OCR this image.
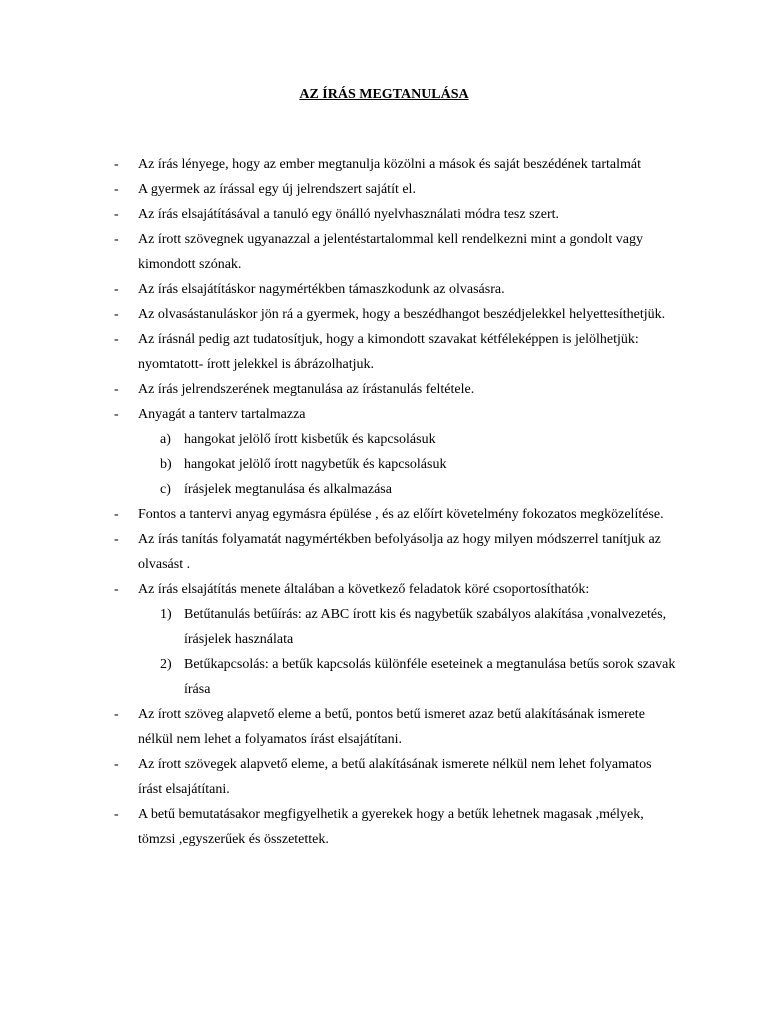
AZ ÍRÁS MEGTANULÁSA
- Az írás lényege, hogy az ember megtanulja közölni a mások és saját beszédének tartalmát
- A gyermek az írással egy új jelrendszert sajátít el.
- Az írás elsajátításával a tanuló egy önálló nyelvhasználati módra tesz szert.
- Az írott szövegnek ugyanazzal a jelentéstartalommal kell rendelkezni mint a gondolt vagy kimondott szónak.
- Az írás elsajátításkor nagymértékben támaszkodunk az olvasásra.
- Az olvasástanuláskor jön rá a gyermek, hogy a beszédhangot beszédjelekkel helyettesíthetjük.
- Az írásnál pedig azt tudatosítjuk, hogy a kimondott szavakat kétféleképpen is jelölhetjük: nyomtatott- írott jelekkel is ábrázolhatjuk.
- Az írás jelrendszerének megtanulása az írástanulás feltétele.
- Anyagát a tanterv tartalmazza
a) hangokat jelölő írott kisbetűk és kapcsolásuk
b) hangokat jelölő írott nagybetűk és kapcsolásuk
c) írásjelek megtanulása és alkalmazása
- Fontos a tantervi anyag egymásra épülése , és az előírt követelmény fokozatos megközelítése.
- Az írás tanítás folyamatát nagymértékben befolyásolja az hogy milyen módszerrel tanítjuk az olvasást .
- Az írás elsajátítás menete általában a következő feladatok köré csoportosíthatók:
1) Betűtanulás betűírás: az ABC írott kis és nagybetűk szabályos alakítása ,vonalvezetés, írásjelek használata
2) Betűkapcsolás: a betűk kapcsolás különféle eseteinek a megtanulása betűs sorok szavak írása
- Az írott szöveg alapvető eleme a betű, pontos betű ismeret azaz betű alakításának ismerete nélkül nem lehet a folyamatos írást elsajátítani.
- Az írott szövegek alapvető eleme, a betű alakításának ismerete nélkül nem lehet folyamatos írást elsajátítani.
- A betű bemutatásakor megfigyelhetik a gyerekek hogy a betűk lehetnek magasak ,mélyek, tömzsi ,egyszerűek és összetettek.
